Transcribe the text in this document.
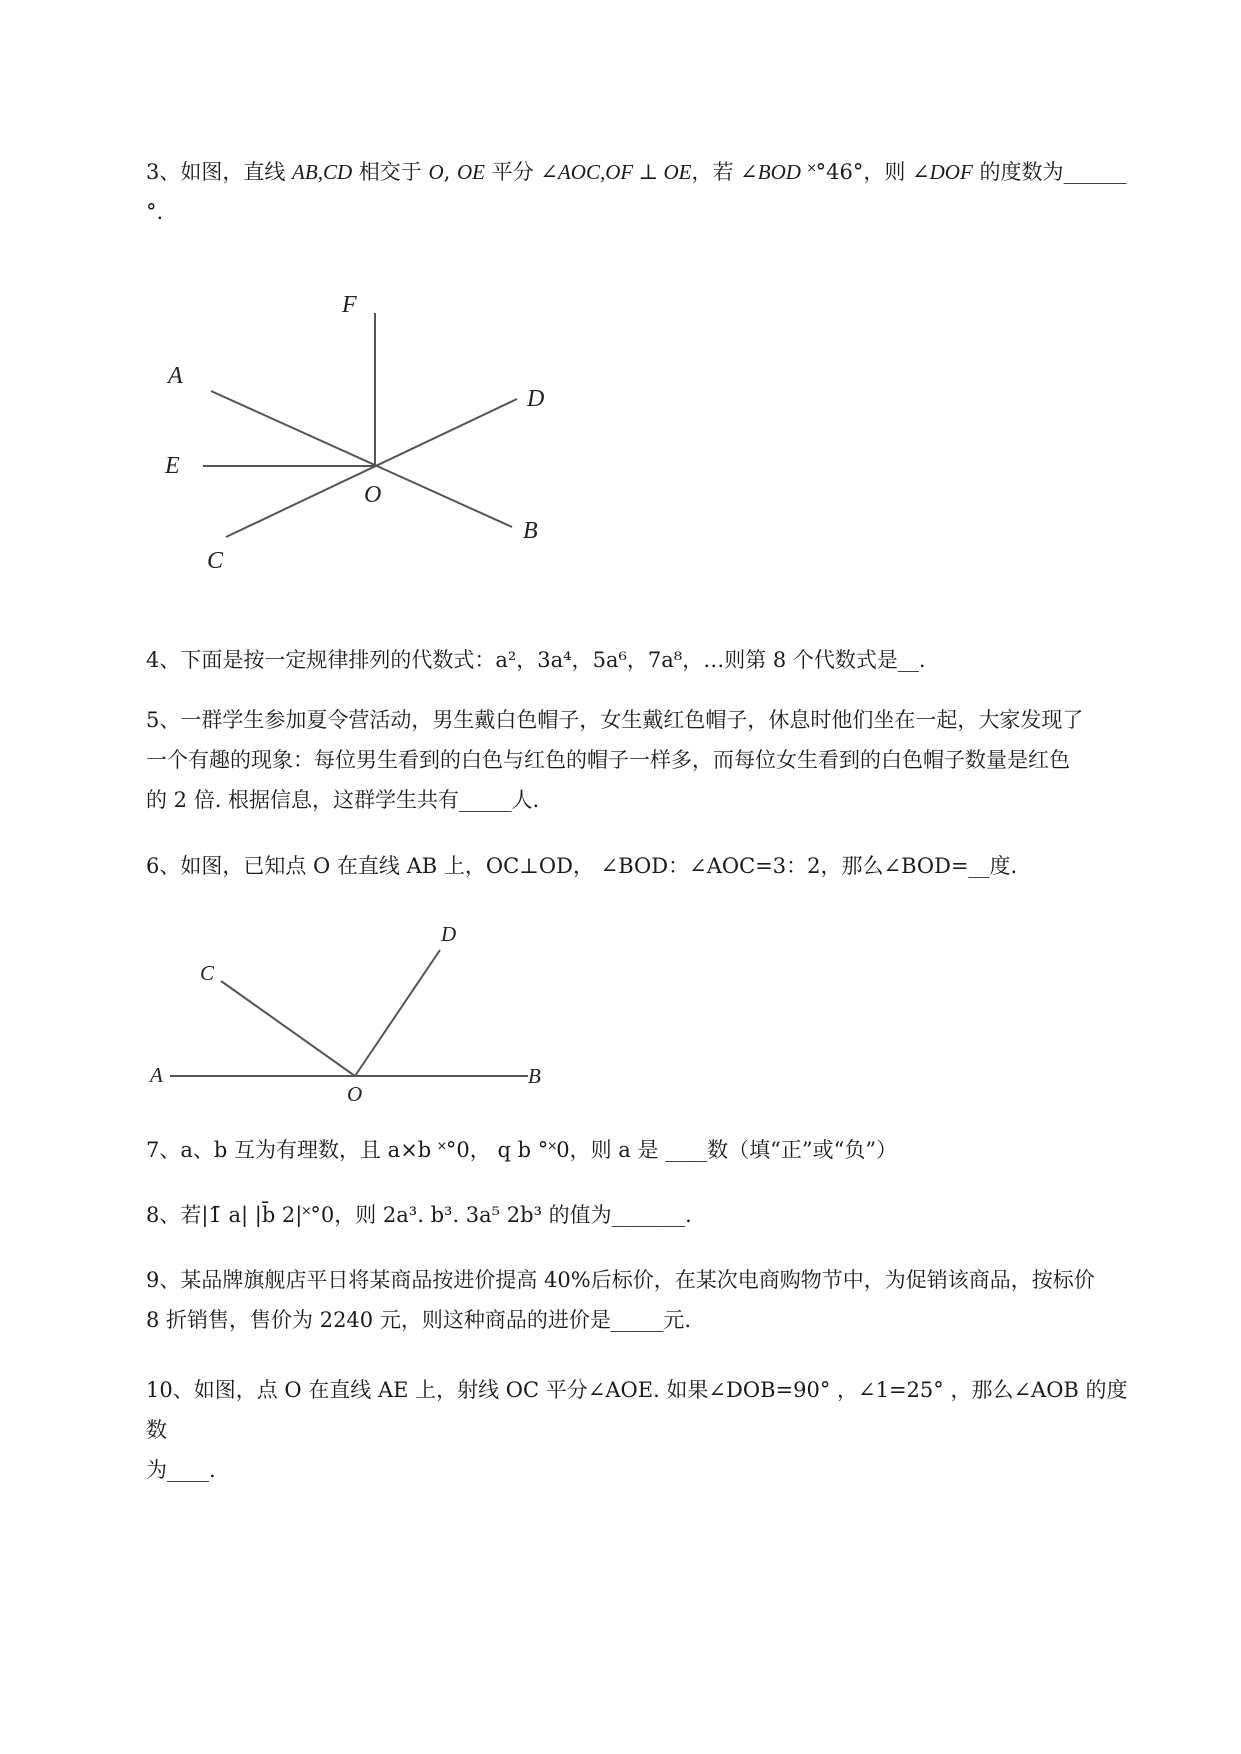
3、如图，直线 AB,CD 相交于 O, OE 平分 ∠AOC,OF ⊥ OE，若 ∠BOD ˟°46°，则 ∠DOF 的度数为______
°.
F
A
D
E
O
B
C
4、下面是按一定规律排列的代数式：a²，3a⁴，5a⁶，7a⁸，…则第 8 个代数式是__.
5、一群学生参加夏令营活动，男生戴白色帽子，女生戴红色帽子，休息时他们坐在一起，大家发现了
一个有趣的现象：每位男生看到的白色与红色的帽子一样多，而每位女生看到的白色帽子数量是红色
的 2 倍. 根据信息，这群学生共有_____人.
6、如图，已知点 O 在直线 AB 上，OC⊥OD， ∠BOD：∠AOC=3：2，那么∠BOD=__度.
D
C
A
O
B
7、a、b 互为有理数，且 a×b ˟°0， q b °˟0，则 a 是 ____数（填“正”或“负”）
8、若|1̄ a| |b̄ 2|˟°0，则 2a³. b³. 3a⁵ 2b³ 的值为_______.
9、某品牌旗舰店平日将某商品按进价提高 40%后标价，在某次电商购物节中，为促销该商品，按标价
8 折销售，售价为 2240 元，则这种商品的进价是_____元.
10、如图，点 O 在直线 AE 上，射线 OC 平分∠AOE. 如果∠DOB=90° ，∠1=25° ，那么∠AOB 的度数
为____.
